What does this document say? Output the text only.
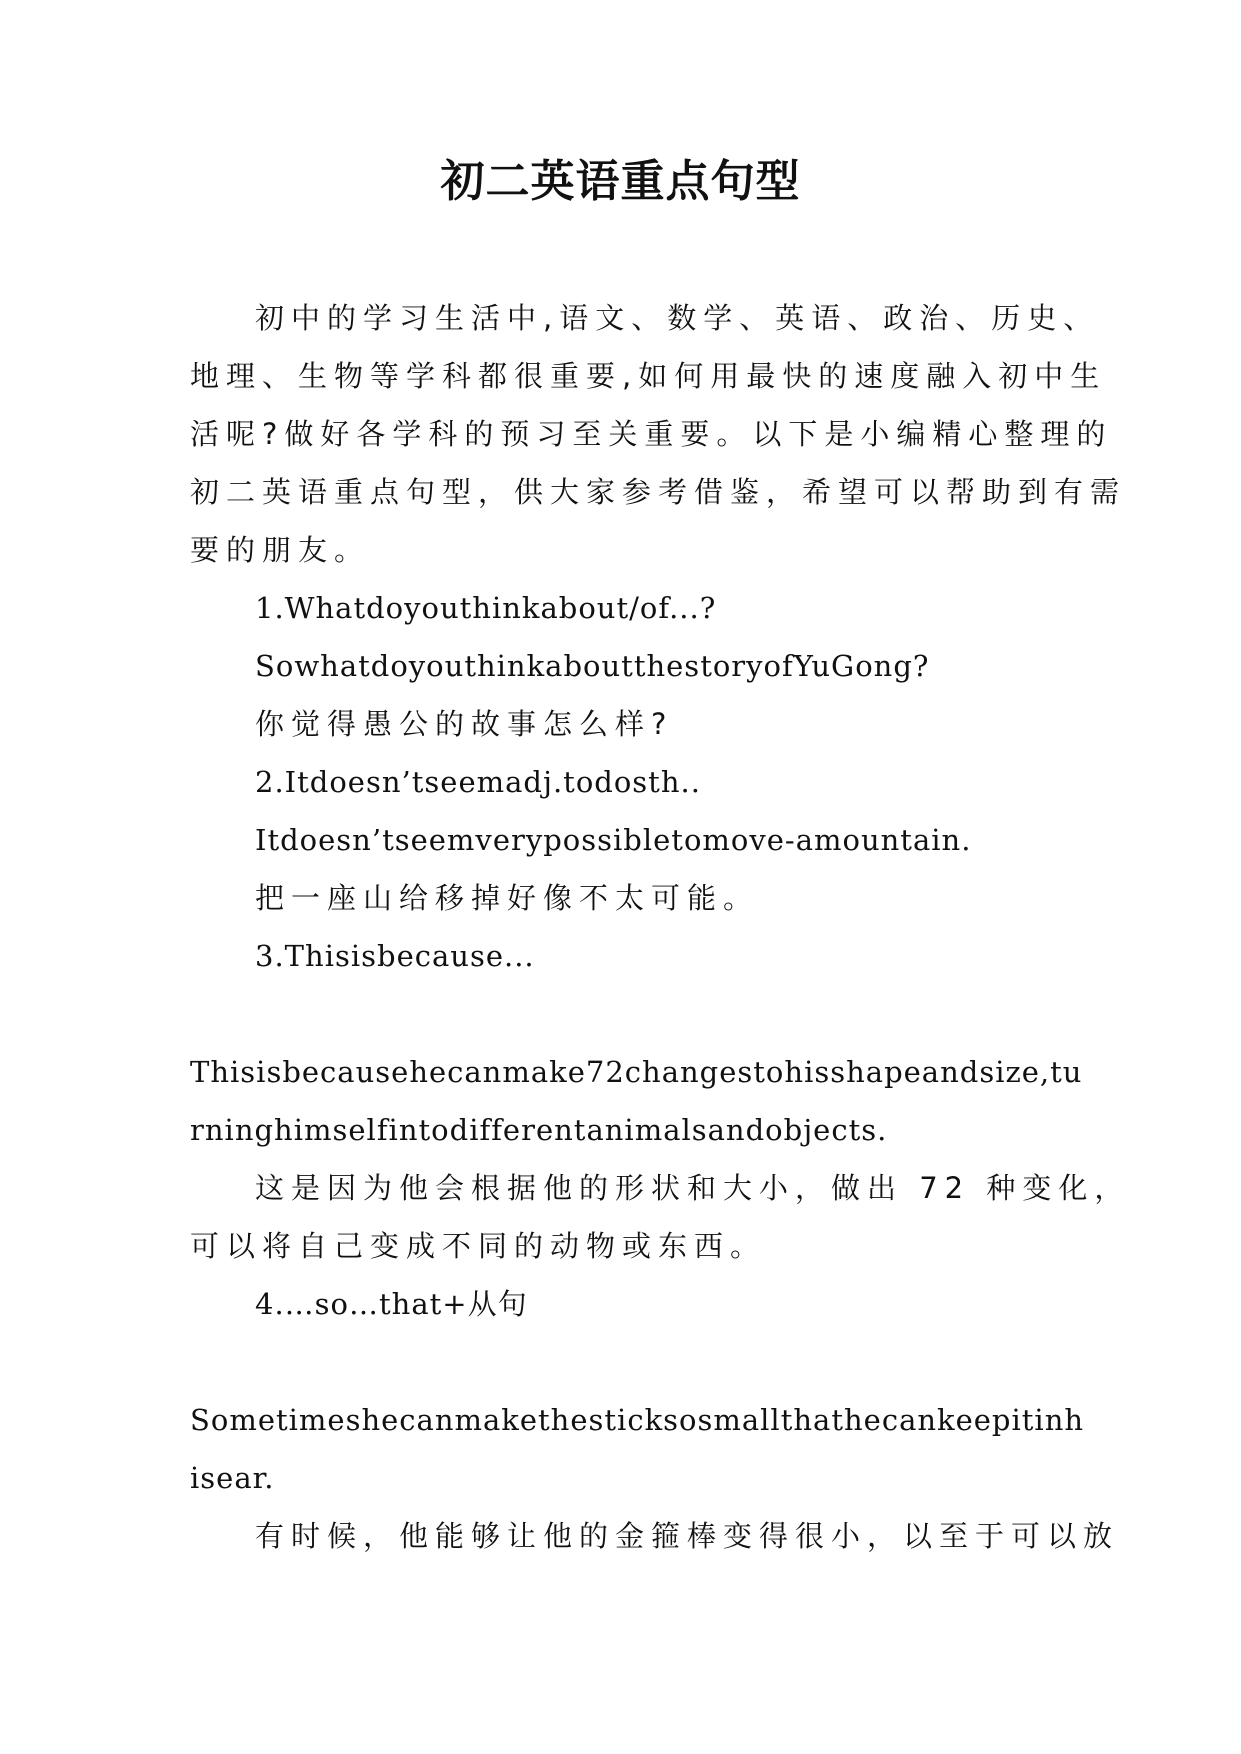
初二英语重点句型

初中的学习生活中,语文、数学、英语、政治、历史、

地理、生物等学科都很重要,如何用最快的速度融入初中生

活呢?做好各学科的预习至关重要。以下是小编精心整理的

初二英语重点句型，供大家参考借鉴，希望可以帮助到有需

要的朋友。

1.Whatdoyouthinkabout/of...?

SowhatdoyouthinkaboutthestoryofYuGong?

你觉得愚公的故事怎么样?

2.Itdoesn’tseemadj.todosth..

Itdoesn’tseemverypossibletomove-amountain.

把一座山给移掉好像不太可能。

3.Thisisbecause...

Thisisbecausehecanmake72changestohisshapeandsize,tu

rninghimselfintodifferentanimalsandobjects.

这是因为他会根据他的形状和大小，做出 72 种变化，

可以将自己变成不同的动物或东西。

4.…so…that+从句

Sometimeshecanmakethesticksosmallthathecankeepitinh

isear.

有时候，他能够让他的金箍棒变得很小，以至于可以放
